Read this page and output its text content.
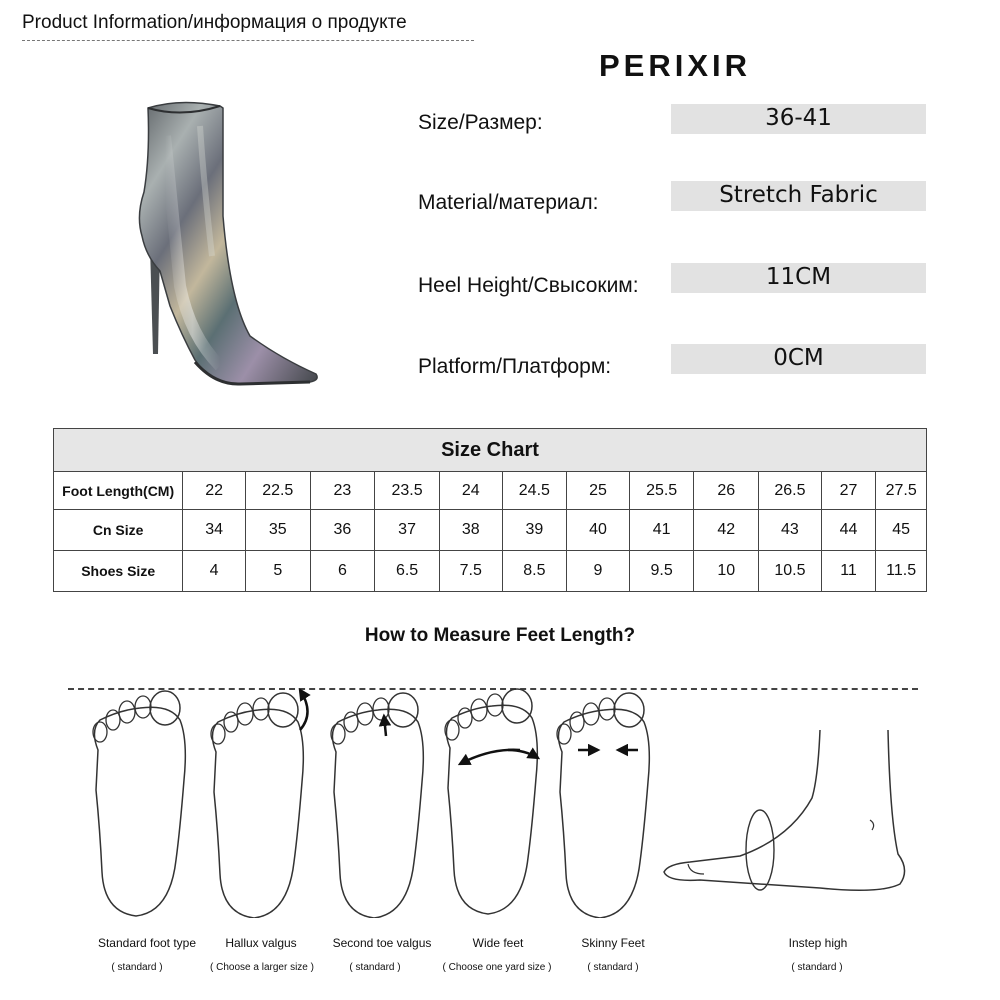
Product Information/информация о продукте
PERIXIR
Size/Размер:	36-41
Material/материал:	Stretch Fabric
Heel Height/Свысоким:	11CM
Platform/Платформ:	0CM
Size Chart												
Foot Length(CM)	22	22.5	23	23.5	24	24.5	25	25.5	26	26.5	27	27.5
Cn Size	34	35	36	37	38	39	40	41	42	43	44	45
Shoes Size	4	5	6	6.5	7.5	8.5	9	9.5	10	10.5	11	11.5
How to Measure Feet Length?
Standard foot type
( standard )
Hallux valgus
( Choose a larger size )
Second toe valgus
( standard )
Wide feet
( Choose one yard size )
Skinny Feet
( standard )
Instep high
( standard )
